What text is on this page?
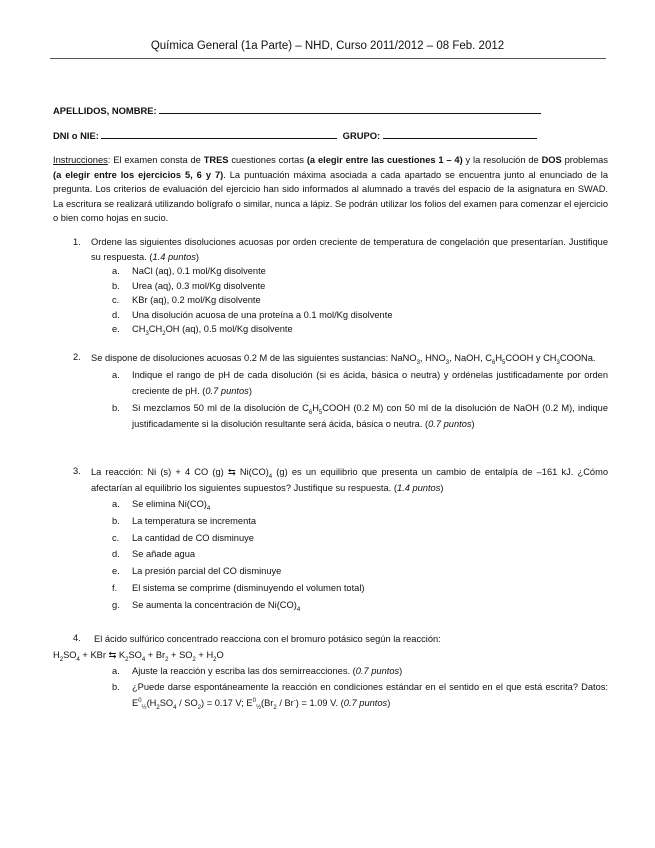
Química General (1a Parte) – NHD, Curso 2011/2012 – 08 Feb. 2012
APELLIDOS, NOMBRE:
DNI o NIE:	GRUPO:
Instrucciones: El examen consta de TRES cuestiones cortas (a elegir entre las cuestiones 1 – 4) y la resolución de DOS problemas (a elegir entre los ejercicios 5, 6 y 7). La puntuación máxima asociada a cada apartado se encuentra junto al enunciado de la pregunta. Los criterios de evaluación del ejercicio han sido informados al alumnado a través del espacio de la asignatura en SWAD. La escritura se realizará utilizando bolígrafo o similar, nunca a lápiz. Se podrán utilizar los folios del examen para comenzar el ejercicio o bien como hojas en sucio.
1. Ordene las siguientes disoluciones acuosas por orden creciente de temperatura de congelación que presentarían. Justifique su respuesta. (1.4 puntos)
a. NaCl (aq), 0.1 mol/Kg disolvente
b. Urea (aq), 0.3 mol/Kg disolvente
c. KBr (aq), 0.2 mol/Kg disolvente
d. Una disolución acuosa de una proteína a 0.1 mol/Kg disolvente
e. $CH_3CH_2OH$ (aq), 0.5 mol/Kg disolvente
2. Se dispone de disoluciones acuosas 0.2 M de las siguientes sustancias: NaNO$_3$, $HNO_3$, NaOH, $C_6H_5COOH$ y $CH_3COONa$.
a. Indique el rango de pH de cada disolución (si es ácida, básica o neutra) y ordénelas justificadamente por orden creciente de pH. (0.7 puntos)
b. Si mezclamos 50 ml de la disolución de $C_6H_5COOH$ (0.2 M) con 50 ml de la disolución de NaOH (0.2 M), indique justificadamente si la disolución resultante será ácida, básica o neutra. (0.7 puntos)
3. La reacción: Ni (s) + 4 CO (g) ⇆ $Ni(CO)_4$ (g) es un equilibrio que presenta un cambio de entalpía de –161 kJ. ¿Cómo afectarían al equilibrio los siguientes supuestos? Justifique su respuesta. (1.4 puntos)
a. Se elimina $Ni(CO)_4$
b. La temperatura se incrementa
c. La cantidad de CO disminuye
d. Se añade agua
e. La presión parcial del CO disminuye
f. El sistema se comprime (disminuyendo el volumen total)
g. Se aumenta la concentración de $Ni(CO)_4$
4. El ácido sulfúrico concentrado reacciona con el bromuro potásico según la reacción:
$H_2SO_4$ + KBr ⇆ $K_2SO_4 + Br_2 + SO_2 + H_2O$
a. Ajuste la reacción y escriba las dos semirreacciones. (0.7 puntos)
b. ¿Puede darse espontáneamente la reacción en condiciones estándar en el sentido en el que está escrita? Datos: $E^0_{\frac{1}{2}}(H_2SO_4 / SO_2) = 0.17$ V; $E^0_{\frac{1}{2}}(Br_2 / Br^-) = 1.09$ V. (0.7 puntos)
